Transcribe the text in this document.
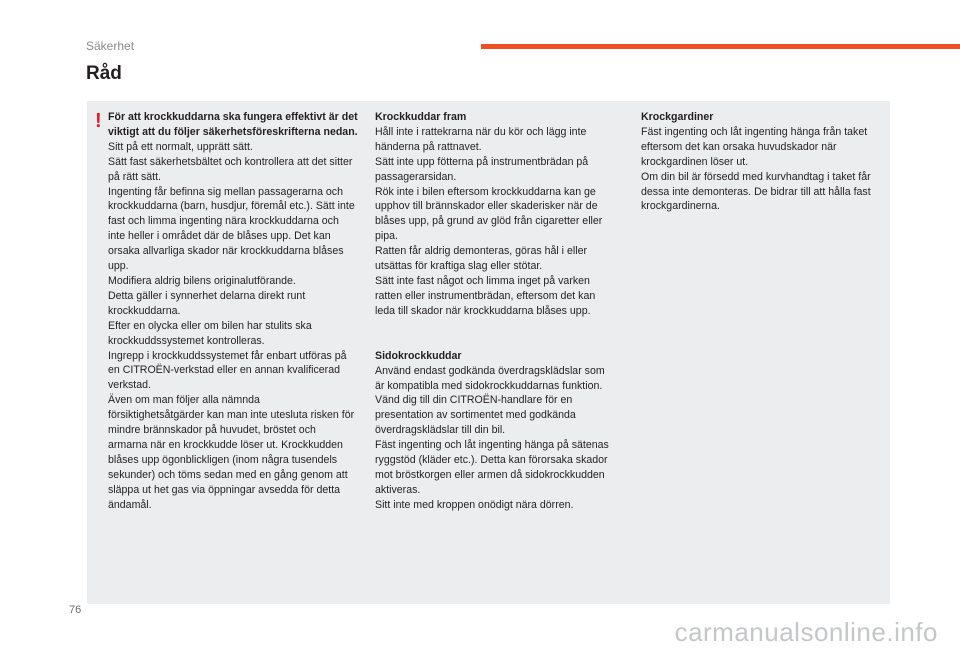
Säkerhet
Råd
! För att krockkuddarna ska fungera effektivt är det viktigt att du följer säkerhetsföreskrifterna nedan.

Sitt på ett normalt, upprätt sätt.

Sätt fast säkerhetsbältet och kontrollera att det sitter på rätt sätt.

Ingenting får befinna sig mellan passagerarna och krockkuddarna (barn, husdjur, föremål etc.). Sätt inte fast och limma ingenting nära krockkuddarna och inte heller i området där de blåses upp. Det kan orsaka allvarliga skador när krockkuddarna blåses upp.

Modifiera aldrig bilens originalutförande.

Detta gäller i synnerhet delarna direkt runt krockkuddarna.

Efter en olycka eller om bilen har stulits ska krockkuddssystemet kontrolleras.

Ingrepp i krockkuddssystemet får enbart utföras på en CITROËN-verkstad eller en annan kvalificerad verkstad.

Även om man följer alla nämnda försiktighetsåtgärder kan man inte utesluta risken för mindre brännskador på huvudet, bröstet och armarna när en krockkudde löser ut. Krockkudden blåses upp ögonblickligen (inom några tusendels sekunder) och töms sedan med en gång genom att släppa ut het gas via öppningar avsedda för detta ändamål.

Krockkuddar fram

Håll inte i rattekrarna när du kör och lägg inte händerna på rattnavet.

Sätt inte upp fötterna på instrumentbrädan på passagerarsidan.

Rök inte i bilen eftersom krockkuddarna kan ge upphov till brännskador eller skaderisker när de blåses upp, på grund av glöd från cigaretter eller pipa.

Ratten får aldrig demonteras, göras hål i eller utsättas för kraftiga slag eller stötar.

Sätt inte fast något och limma inget på varken ratten eller instrumentbrädan, eftersom det kan leda till skador när krockkuddarna blåses upp.

Sidokrockkuddar

Använd endast godkända överdragsklädslar som är kompatibla med sidokrockkuddarnas funktion. Vänd dig till din CITROËN-handlare för en presentation av sortimentet med godkända överdragsklädslar till din bil.

Fäst ingenting och låt ingenting hänga på sätenas ryggstöd (kläder etc.). Detta kan förorsaka skador mot bröstkorgen eller armen då sidokrockkudden aktiveras.

Sitt inte med kroppen onödigt nära dörren.

Krockgardiner

Fäst ingenting och låt ingenting hänga från taket eftersom det kan orsaka huvudskador när krockgardinen löser ut.

Om din bil är försedd med kurvhandtag i taket får dessa inte demonteras. De bidrar till att hålla fast krockgardinerna.

76
carmanualsonline.info
